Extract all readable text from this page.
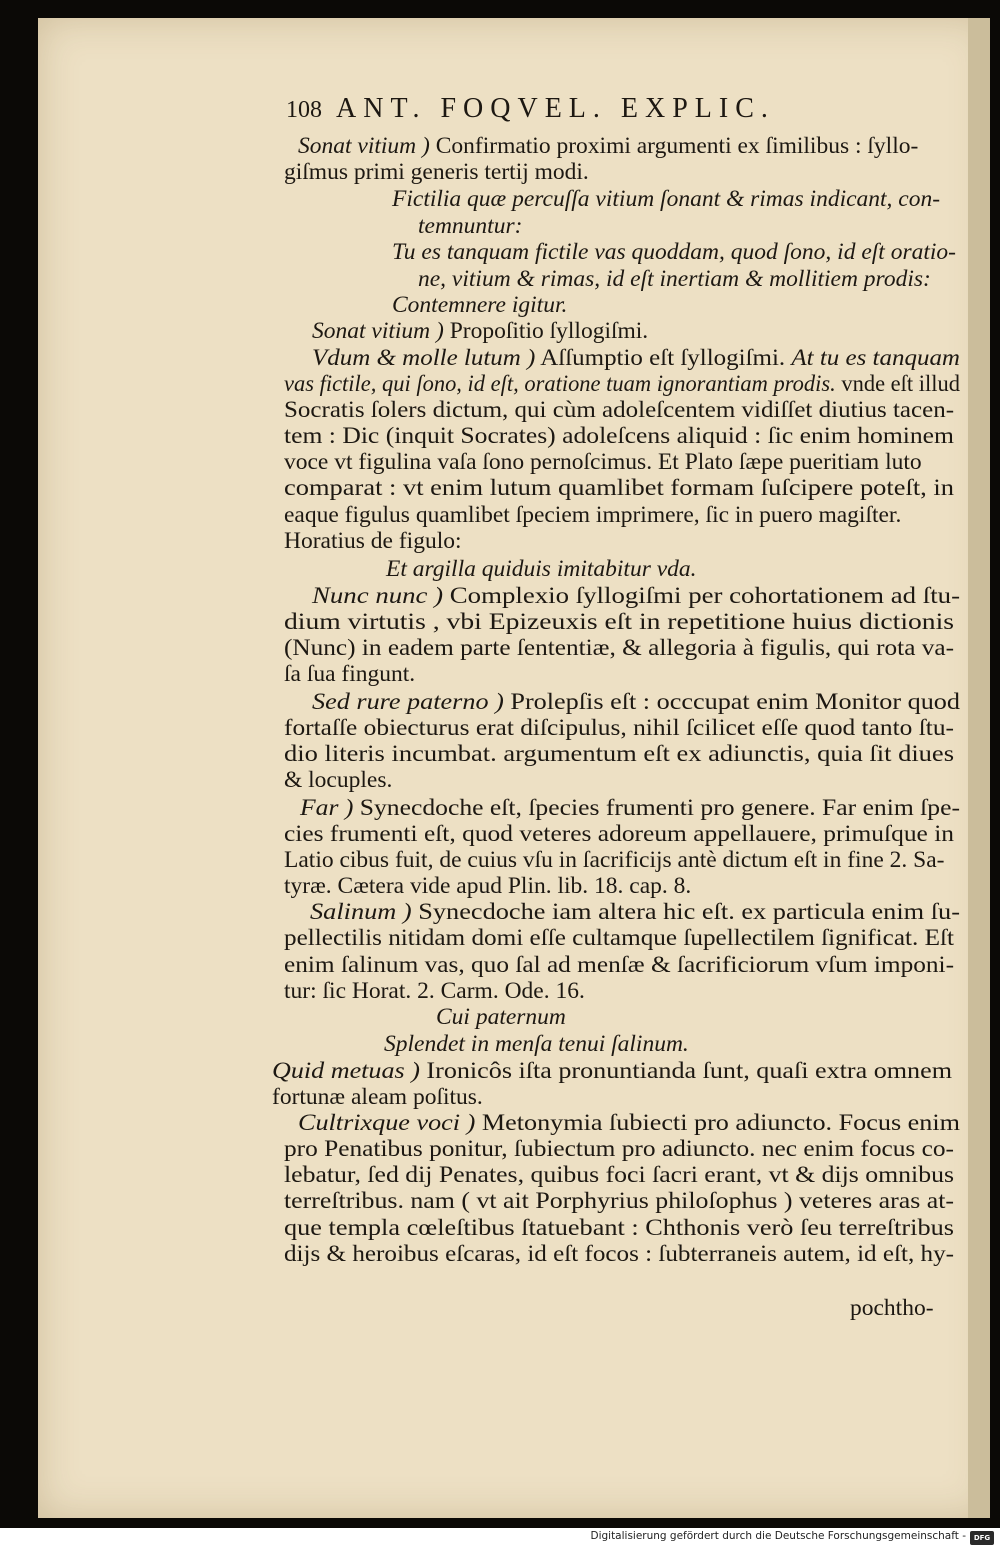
108 ANT. FOQVEL. EXPLIC.
Sonat vitium ) Confirmatio proximi argumenti ex ſimilibus : ſyllo-
giſmus primi generis tertij modi.
Fictilia quæ percuſſa vitium ſonant & rimas indicant, con-
temnuntur:
Tu es tanquam fictile vas quoddam, quod ſono, id eſt oratio-
ne, vitium & rimas, id eſt inertiam & mollitiem prodis:
Contemnere igitur.
Sonat vitium ) Propoſitio ſyllogiſmi.
Vdum & molle lutum ) Aſſumptio eſt ſyllogiſmi. At tu es tanquam
vas fictile, qui ſono, id eſt, oratione tuam ignorantiam prodis. vnde eſt illud
Socratis ſolers dictum, qui cùm adoleſcentem vidiſſet diutius tacen-
tem : Dic (inquit Socrates) adoleſcens aliquid : ſic enim hominem
voce vt figulina vaſa ſono pernoſcimus. Et Plato ſæpe pueritiam luto
comparat : vt enim lutum quamlibet formam ſuſcipere poteſt, in
eaque figulus quamlibet ſpeciem imprimere, ſic in puero magiſter.
Horatius de figulo:
Et argilla quiduis imitabitur vda.
Nunc nunc ) Complexio ſyllogiſmi per cohortationem ad ſtu-
dium virtutis , vbi Epizeuxis eſt in repetitione huius dictionis
(Nunc) in eadem parte ſententiæ, & allegoria à figulis, qui rota va-
ſa ſua fingunt.
Sed rure paterno ) Prolepſis eſt : occcupat enim Monitor quod
fortaſſe obiecturus erat diſcipulus, nihil ſcilicet eſſe quod tanto ſtu-
dio literis incumbat. argumentum eſt ex adiunctis, quia ſit diues
& locuples.
Far ) Synecdoche eſt, ſpecies frumenti pro genere. Far enim ſpe-
cies frumenti eſt, quod veteres adoreum appellauere, primuſque in
Latio cibus fuit, de cuius vſu in ſacrificijs antè dictum eſt in fine 2. Sa-
tyræ. Cætera vide apud Plin. lib. 18. cap. 8.
Salinum ) Synecdoche iam altera hic eſt. ex particula enim ſu-
pellectilis nitidam domi eſſe cultamque ſupellectilem ſignificat. Eſt
enim ſalinum vas, quo ſal ad menſæ & ſacrificiorum vſum imponi-
tur: ſic Horat. 2. Carm. Ode. 16.
Cui paternum
Splendet in menſa tenui ſalinum.
Quid metuas ) Ironicôs iſta pronuntianda ſunt, quaſi extra omnem
fortunæ aleam poſitus.
Cultrixque voci ) Metonymia ſubiecti pro adiuncto. Focus enim
pro Penatibus ponitur, ſubiectum pro adiuncto. nec enim focus co-
lebatur, ſed dij Penates, quibus foci ſacri erant, vt & dijs omnibus
terreſtribus. nam ( vt ait Porphyrius philoſophus ) veteres aras at-
que templa cœleſtibus ſtatuebant : Chthonis verò ſeu terreſtribus
dijs & heroibus eſcaras, id eſt focos : ſubterraneis autem, id eſt, hy-
pochtho-
Digitalisierung gefördert durch die Deutsche Forschungsgemeinschaft -	DFG
